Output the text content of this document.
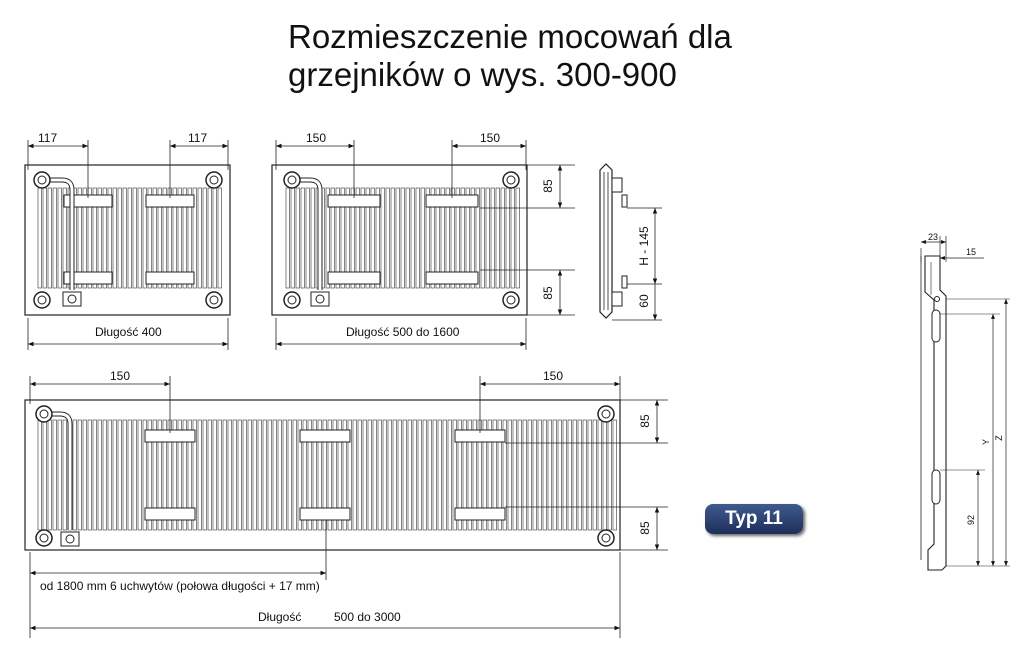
Rozmieszczenie mocowań dla
grzejników o wys. 300-900
117	117
Długość 400
150	150
85
85
Długość 500 do 1600
H - 145
60
150	150
85
85
od 1800 mm 6 uchwytów (połowa długości + 17 mm)
Długość	500 do 3000
23
15
Z
Y
92
Typ 11
